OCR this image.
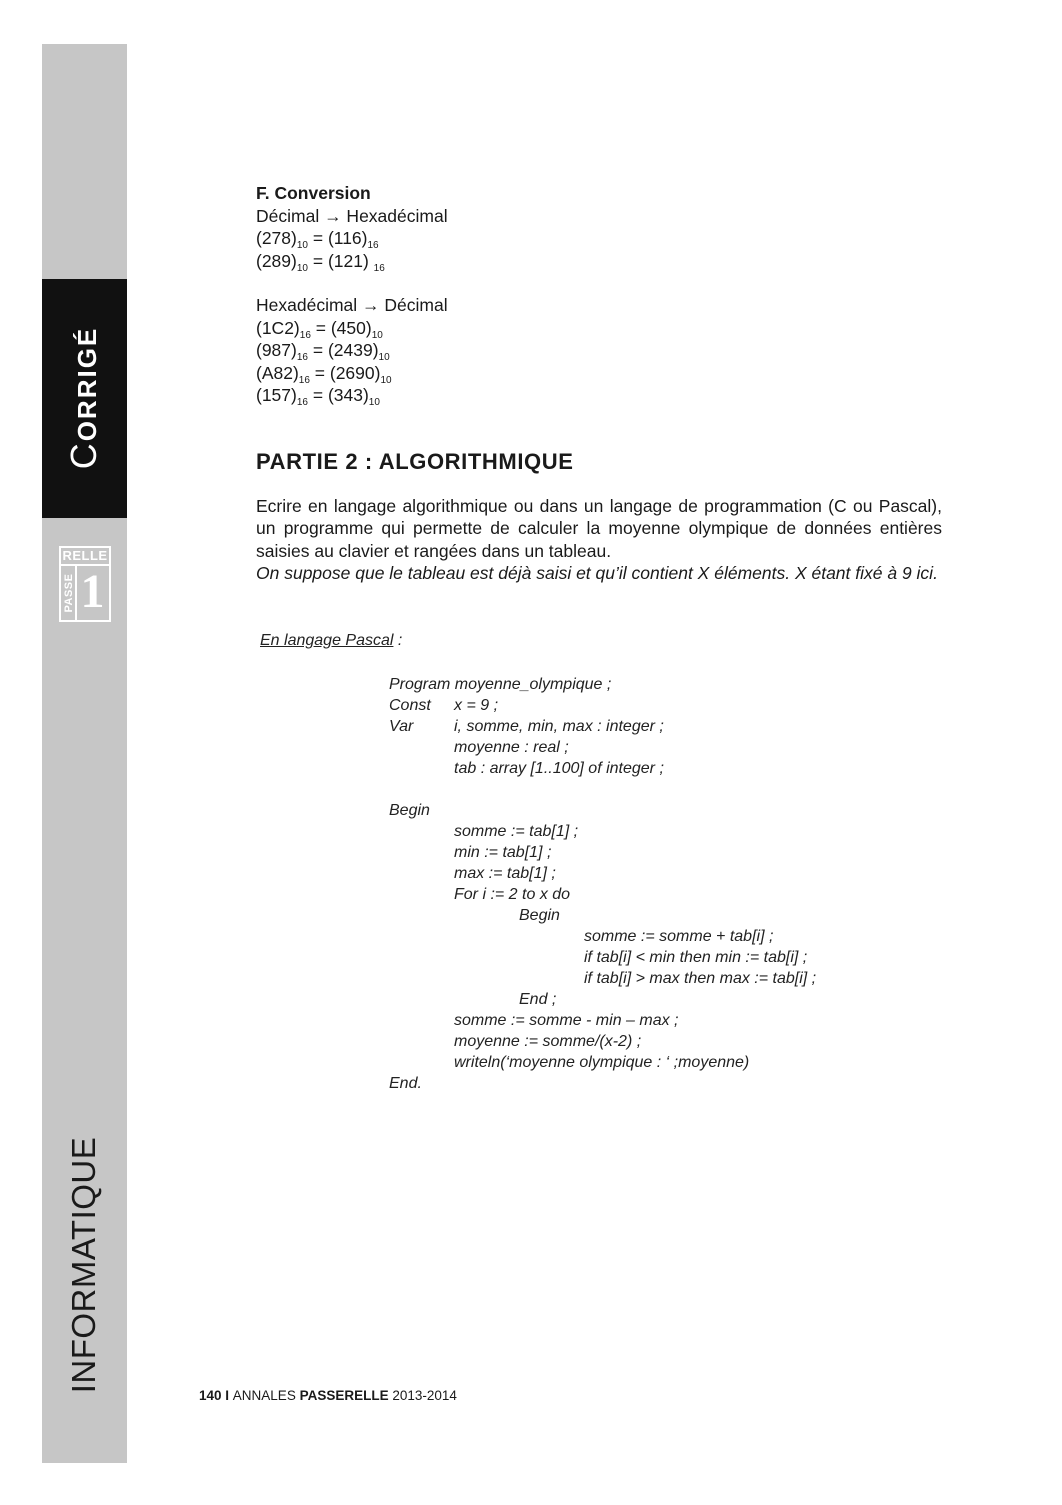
CORRIGÉ
RELLE
PASSE 1
INFORMATIQUE
F. Conversion
Décimal → Hexadécimal
$(278)_{10} = (116)_{16}$
$(289)_{10} = (121)$ $_{16}$
Hexadécimal → Décimal
$(1C2)_{16} = (450)_{10}$
$(987)_{16} = (2439)_{10}$
$(A82)_{16} = (2690)_{10}$
$(157)_{16} = (343)_{10}$
PARTIE 2 : ALGORITHMIQUE
Ecrire en langage algorithmique ou dans un langage de programmation (C ou Pascal), un programme qui permette de calculer la moyenne olympique de données entières saisies au clavier et rangées dans un tableau.
On suppose que le tableau est déjà saisi et qu’il contient X éléments. X étant fixé à 9 ici.
En langage Pascal :
Program moyenne_olympique ;
Const x = 9 ;
Var	i, somme, min, max : integer ;
moyenne : real ;
tab : array [1..100] of integer ;
Begin
somme := tab[1] ;
min := tab[1] ;
max := tab[1] ;
For i := 2 to x do
Begin
somme := somme + tab[i] ;
if tab[i] < min then min := tab[i] ;
if tab[i] > max then max := tab[i] ;
End ;
somme := somme - min – max ;
moyenne := somme/(x-2) ;
writeln(‘moyenne olympique : ‘ ;moyenne)
End.
140 I ANNALES PASSERELLE 2013-2014
